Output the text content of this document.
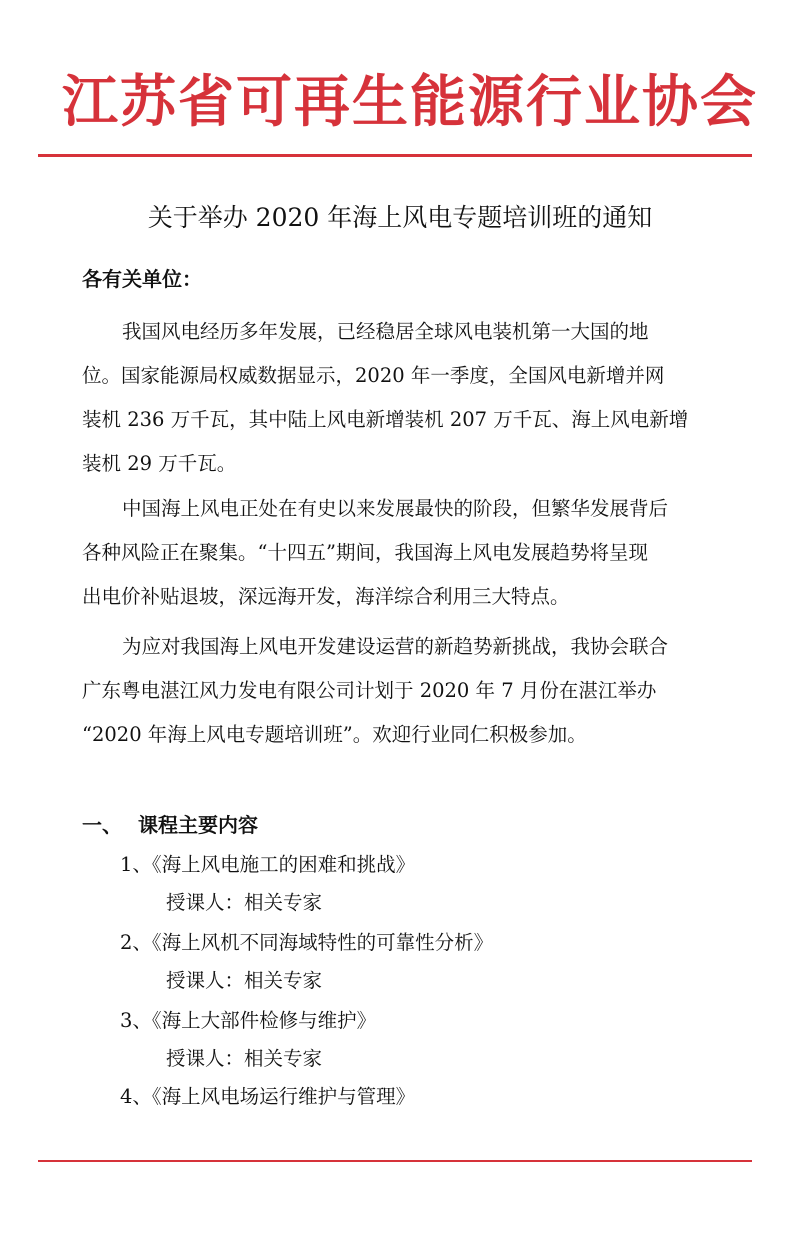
江苏省可再生能源行业协会
关于举办 2020 年海上风电专题培训班的通知
各有关单位：
我国风电经历多年发展，已经稳居全球风电装机第一大国的地
位。国家能源局权威数据显示，2020 年一季度，全国风电新增并网
装机 236 万千瓦，其中陆上风电新增装机 207 万千瓦、海上风电新增
装机 29 万千瓦。
中国海上风电正处在有史以来发展最快的阶段，但繁华发展背后
各种风险正在聚集。“十四五”期间，我国海上风电发展趋势将呈现
出电价补贴退坡，深远海开发，海洋综合利用三大特点。
为应对我国海上风电开发建设运营的新趋势新挑战，我协会联合
广东粤电湛江风力发电有限公司计划于 2020 年 7 月份在湛江举办
“2020 年海上风电专题培训班”。欢迎行业同仁积极参加。
一、 课程主要内容
1、《海上风电施工的困难和挑战》
授课人：相关专家
2、《海上风机不同海域特性的可靠性分析》
授课人：相关专家
3、《海上大部件检修与维护》
授课人：相关专家
4、《海上风电场运行维护与管理》
